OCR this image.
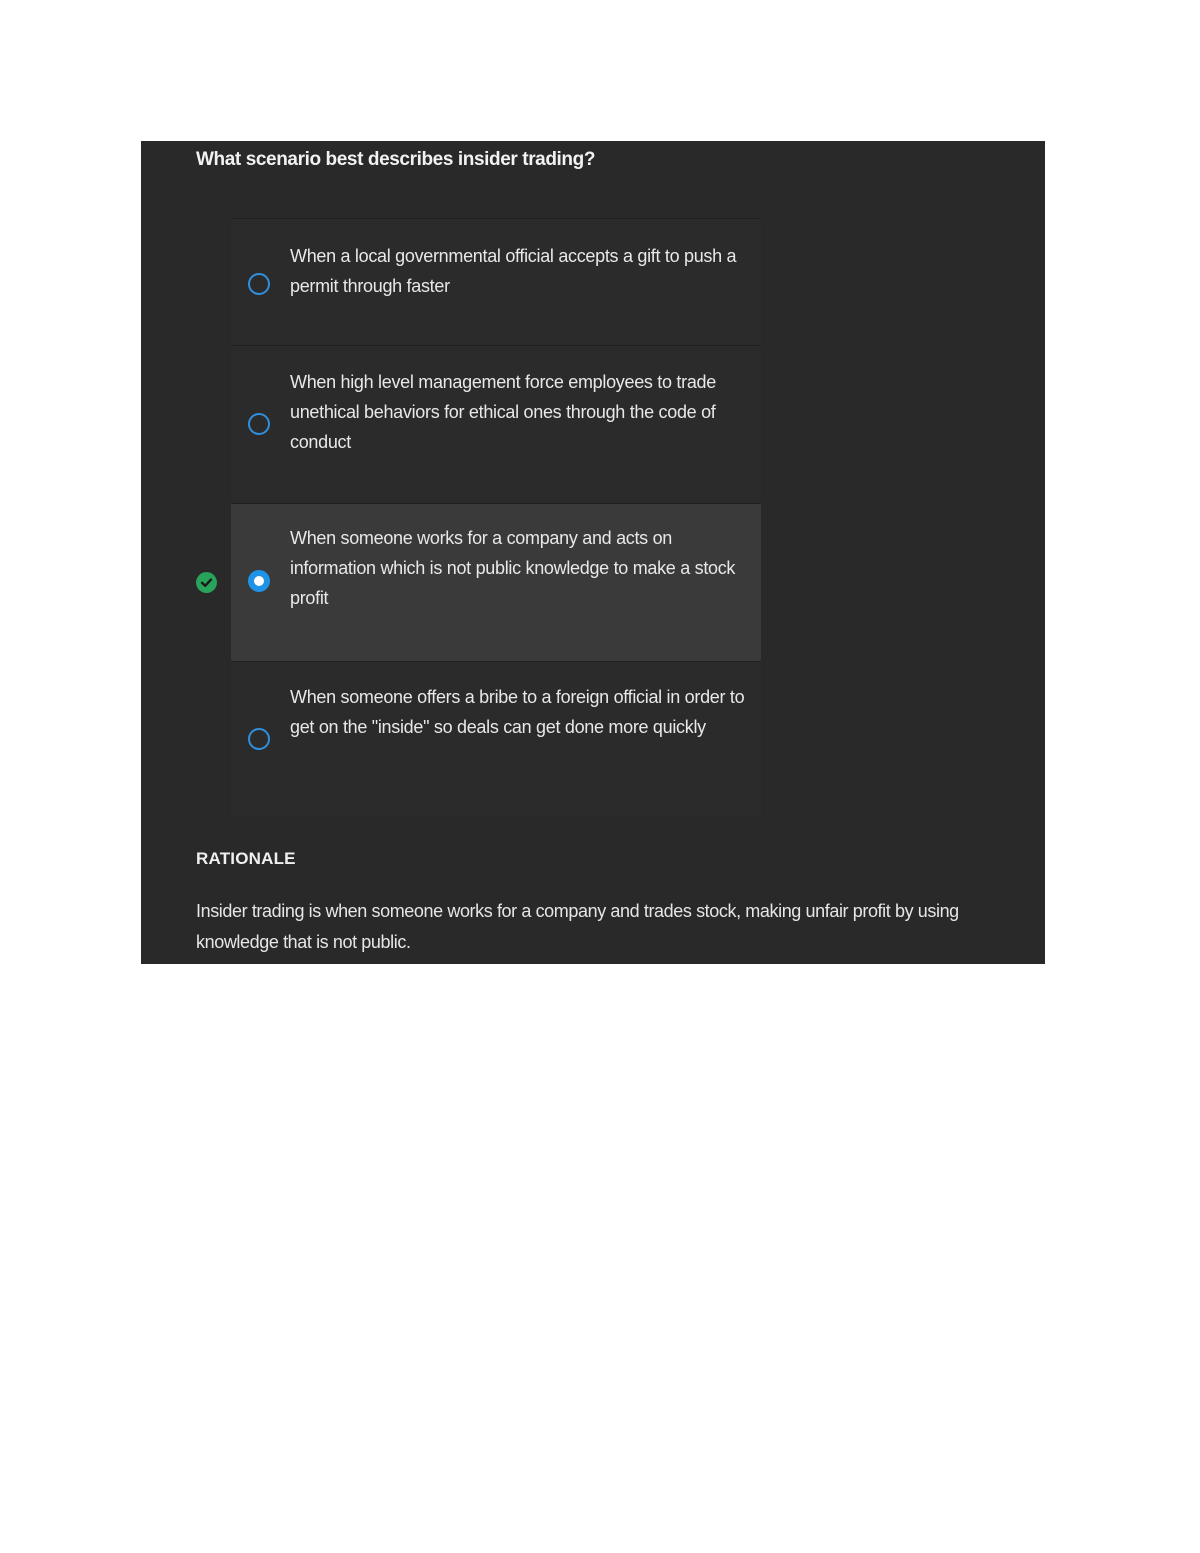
What scenario best describes insider trading?
When a local governmental official accepts a gift to push a permit through faster
When high level management force employees to trade unethical behaviors for ethical ones through the code of conduct
When someone works for a company and acts on information which is not public knowledge to make a stock profit
When someone offers a bribe to a foreign official in order to get on the "inside" so deals can get done more quickly
RATIONALE
Insider trading is when someone works for a company and trades stock, making unfair profit by using knowledge that is not public.
